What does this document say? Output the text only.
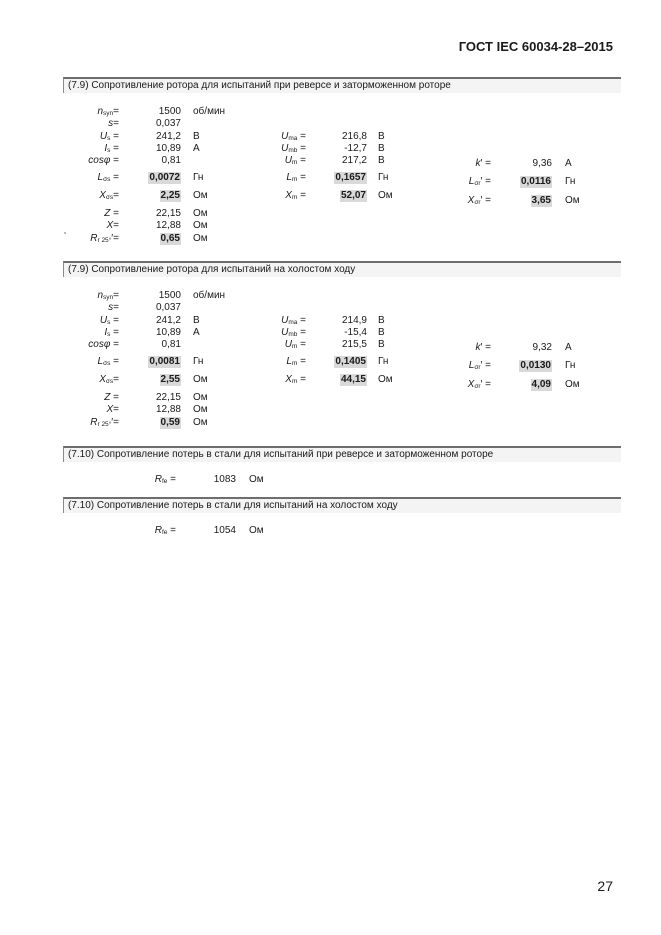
ГОСТ IEC 60034-28–2015
(7.9) Сопротивление ротора для испытаний при реверсе и заторможенном роторе
$n_{syn}=$	1500 об/мин
s=	0,037
$U_s$ =	241,2 В
$I_s$ =	10,89 А
cosφ =	0,81
$L_{\sigma s}$ =	0,0072 Гн
$X_{\sigma s}=$	2,25 Ом
Z =	22,15 Ом
X=	12,88 Ом
$R_{r 25^\circ}'=$	0,65 Ом
$U_{ma}$ =	216,8 В
$U_{mb}$ =	-12,7 В
$U_m$ =	217,2 В
$L_m$ =	0,1657 Гн
$X_m$ =	52,07 Ом
k′ =	9,36 А
$L_{\sigma r}'$ =	0,0116 Гн
$X_{\sigma r}'$ =	3,65 Ом
(7.9) Сопротивление ротора для испытаний на холостом ходу
$n_{syn}=$	1500 об/мин
s=	0,037
$U_s$ =	241,2 В
$I_s$ =	10,89 А
cosφ =	0,81
$L_{\sigma s}$ =	0,0081 Гн
$X_{\sigma s}=$	2,55 Ом
Z =	22,15 Ом
X=	12,88 Ом
$R_{r 25^\circ}'=$	0,59 Ом
$U_{ma}$ =	214,9 В
$U_{mb}$ =	-15,4 В
$U_m$ =	215,5 В
$L_m$ =	0,1405 Гн
$X_m$ =	44,15 Ом
k′ =	9,32 А
$L_{\sigma r}'$ =	0,0130 Гн
$X_{\sigma r}'$ =	4,09 Ом
(7.10) Сопротивление потерь в стали для испытаний при реверсе и заторможенном роторе
$R_{fe}$ =	1083 Ом
(7.10) Сопротивление потерь в стали для испытаний на холостом ходу
$R_{fe}$ =	1054 Ом
27
